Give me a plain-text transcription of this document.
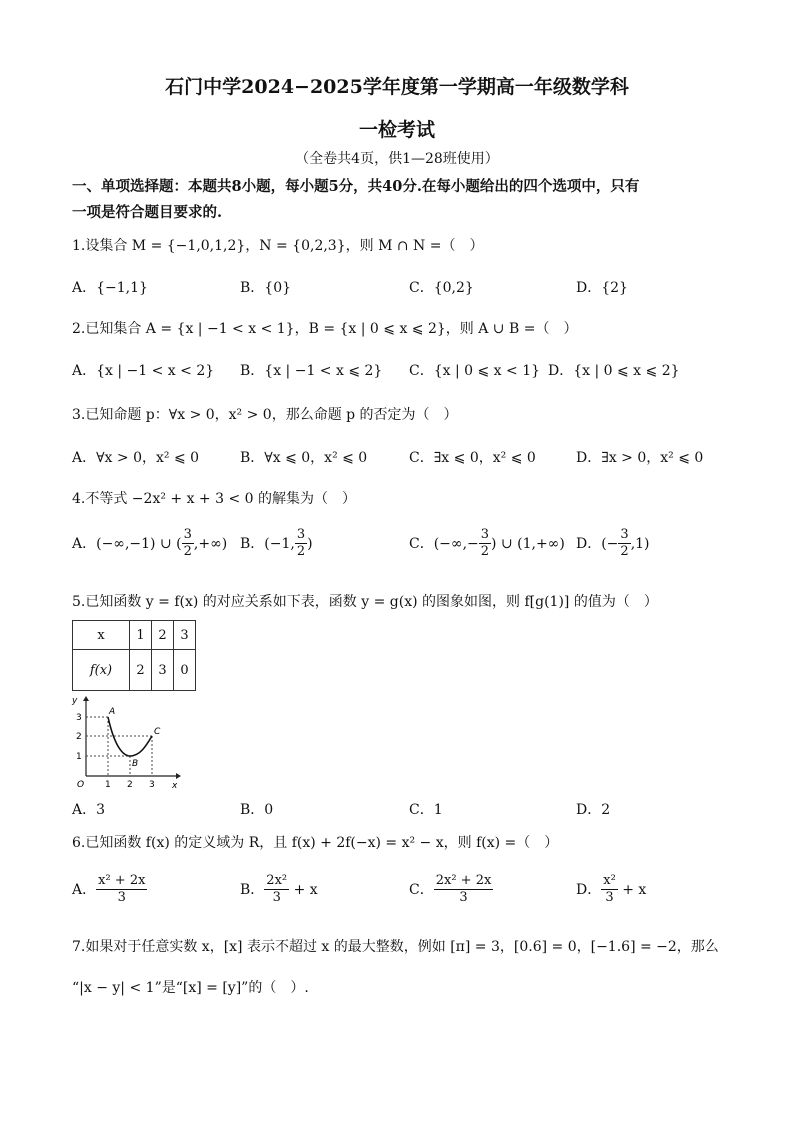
石门中学2024−2025学年度第一学期高一年级数学科
一检考试
（全卷共4页，供1—28班使用）
一、单项选择题：本题共8小题，每小题5分，共40分.在每小题给出的四个选项中，只有
一项是符合题目要求的.
1.设集合 M = {−1,0,1,2}，N = {0,2,3}，则 M ∩ N =（　）
A．{−1,1}	B．{0}	C．{0,2}	D．{2}
2.已知集合 A = {x | −1 < x < 1}，B = {x | 0 ⩽ x ⩽ 2}，则 A ∪ B =（　）
A．{x | −1 < x < 2} B．{x | −1 < x ⩽ 2} C．{x | 0 ⩽ x < 1} D．{x | 0 ⩽ x ⩽ 2}
3.已知命题 p：∀x > 0，x² > 0，那么命题 p 的否定为（　）
A．∀x > 0，x² ⩽ 0	B．∀x ⩽ 0，x² ⩽ 0	C．∃x ⩽ 0，x² ⩽ 0	D．∃x > 0，x² ⩽ 0
4.不等式 −2x² + x + 3 < 0 的解集为（　）
A．(−∞,−1) ∪ ( $\frac{3}{2}$ ,+∞) B．(−1, $\frac{3}{2}$ )	C．(−∞,− $\frac{3}{2}$ ) ∪ (1,+∞) D．(− $\frac{3}{2} ,1$)
5.已知函数 y = f(x) 的对应关系如下表，函数 y = g(x) 的图象如图，则 f[g(1)] 的值为（　）
x	1	2	3
f(x)	2	3	0
y
x
O 1 2 3
1
2
3
A
B
C
A．3	B．0	C．1	D．2
6.已知函数 f(x) 的定义域为 R，且 f(x) + 2f(−x) = x² − x，则 f(x) =（　）
A． $\frac{\text{x² + 2x}}{3}$	B． $\frac{\text{2x²}}{3} + x$	C． $\frac{\text{2x² + 2x}}{3}$	D． $\frac{\text{x²}}{3} + x$
7.如果对于任意实数 x，[x] 表示不超过 x 的最大整数，例如 [π] = 3，[0.6] = 0，[−1.6] = −2，那么
“|x − y| < 1”是“[x] = [y]”的（　）.
